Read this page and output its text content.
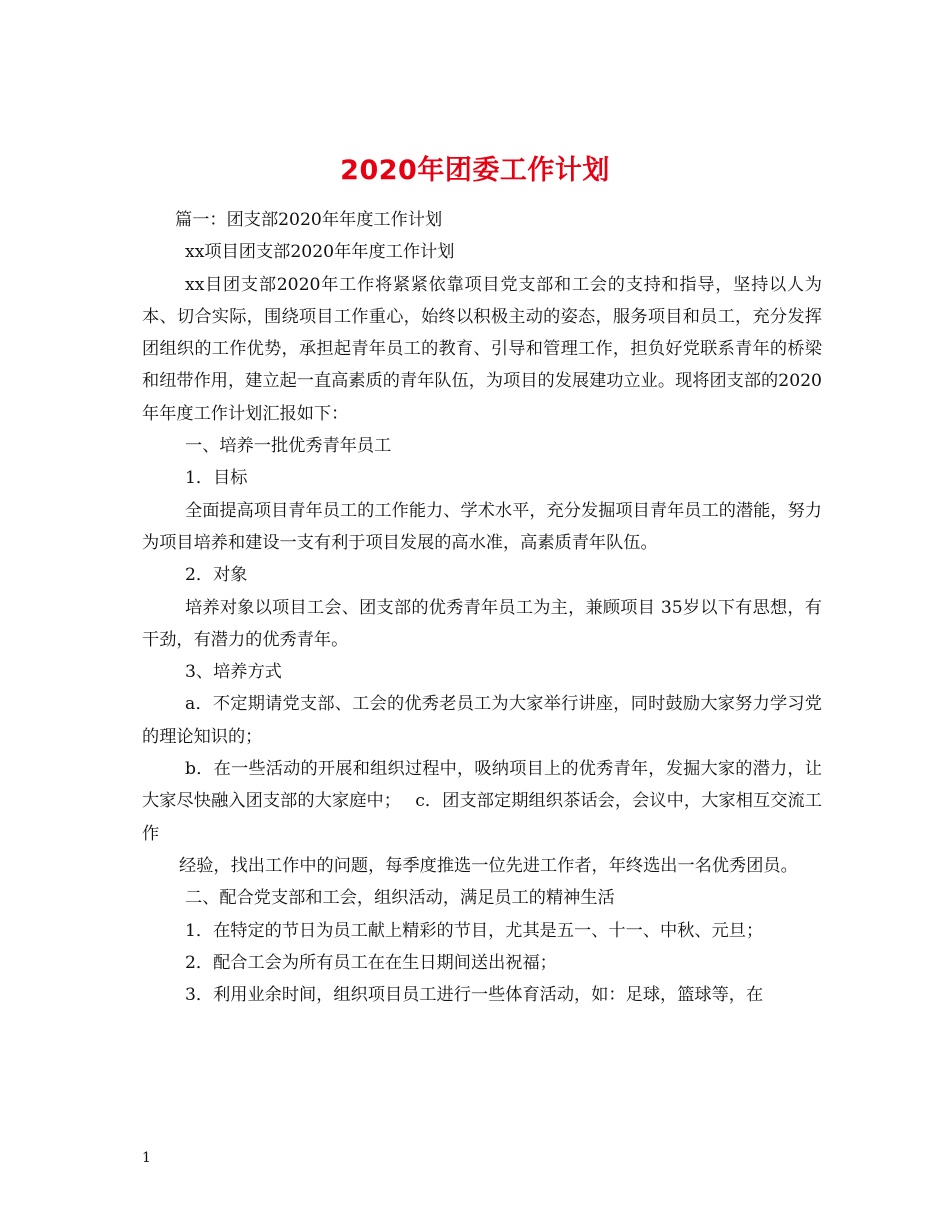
2020年团委工作计划

篇一：团支部2020年年度工作计划

xx项目团支部2020年年度工作计划

xx目团支部2020年工作将紧紧依靠项目党支部和工会的支持和指导，坚持以人为本、切合实际，围绕项目工作重心，始终以积极主动的姿态，服务项目和员工，充分发挥团组织的工作优势，承担起青年员工的教育、引导和管理工作，担负好党联系青年的桥梁和纽带作用，建立起一直高素质的青年队伍，为项目的发展建功立业。现将团支部的2020年年度工作计划汇报如下：

一、培养一批优秀青年员工

1．目标

全面提高项目青年员工的工作能力、学术水平，充分发掘项目青年员工的潜能，努力为项目培养和建设一支有利于项目发展的高水准，高素质青年队伍。

2．对象

培养对象以项目工会、团支部的优秀青年员工为主，兼顾项目 35岁以下有思想，有干劲，有潜力的优秀青年。

3、培养方式

a．不定期请党支部、工会的优秀老员工为大家举行讲座，同时鼓励大家努力学习党的理论知识的；

b．在一些活动的开展和组织过程中，吸纳项目上的优秀青年，发掘大家的潜力，让大家尽快融入团支部的大家庭中；　 c．团支部定期组织茶话会，会议中，大家相互交流工作

经验，找出工作中的问题，每季度推选一位先进工作者，年终选出一名优秀团员。

二、配合党支部和工会，组织活动，满足员工的精神生活

1．在特定的节日为员工献上精彩的节目，尤其是五一、十一、中秋、元旦；

2．配合工会为所有员工在在生日期间送出祝福；

3．利用业余时间，组织项目员工进行一些体育活动，如：足球，篮球等，在

1
